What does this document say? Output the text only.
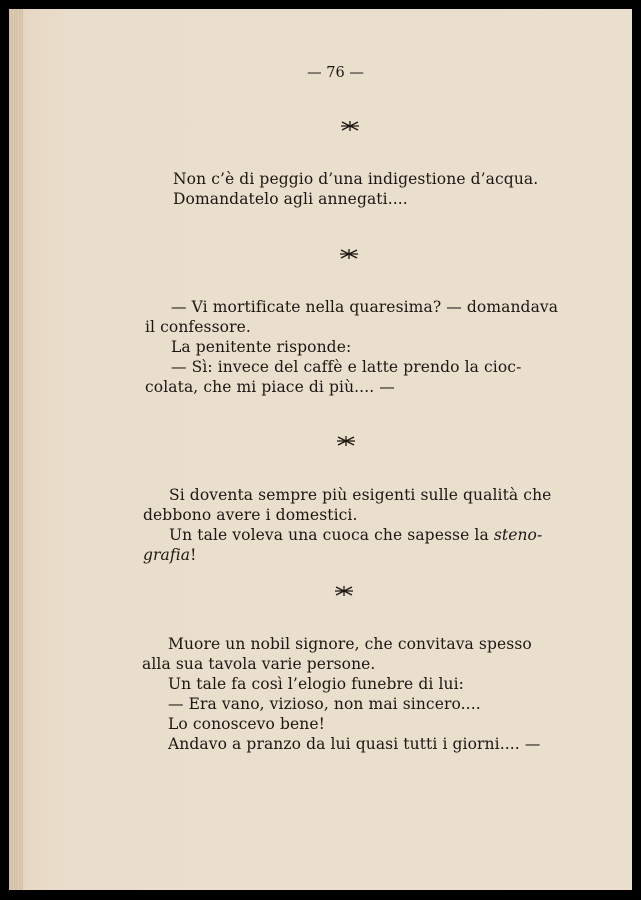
— 76 —
Non c’è di peggio d’una indigestione d’acqua.
Domandatelo agli annegati....
— Vi mortificate nella quaresima? — domandava
il confessore.
La penitente risponde:
— Sì: invece del caffè e latte prendo la cioc-
colata, che mi piace di più.... —
Si doventa sempre più esigenti sulle qualità che
debbono avere i domestici.
Un tale voleva una cuoca che sapesse la steno-
grafia!
Muore un nobil signore, che convitava spesso
alla sua tavola varie persone.
Un tale fa così l’elogio funebre di lui:
— Era vano, vizioso, non mai sincero....
Lo conoscevo bene!
Andavo a pranzo da lui quasi tutti i giorni.... —
